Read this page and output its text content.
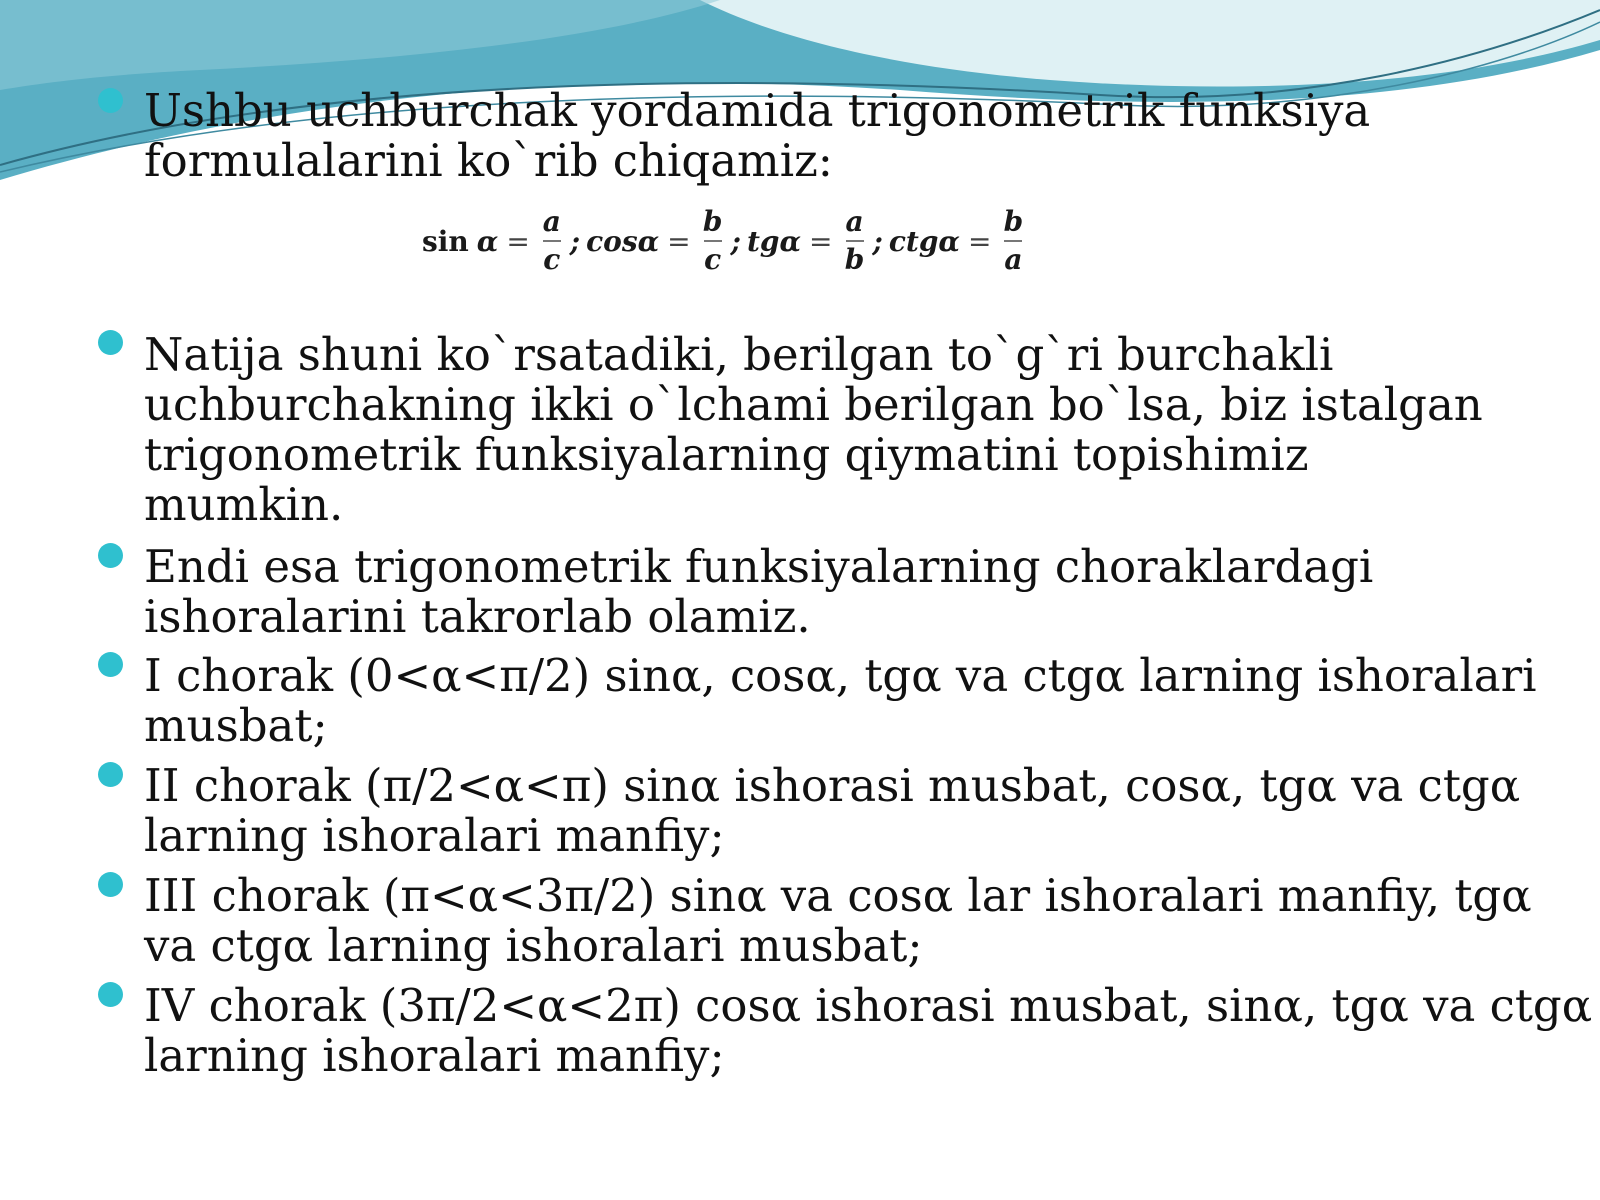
Ushbu uchburchak yordamida trigonometrik funksiya
formulalarini ko`rib chiqamiz:
$\sin \alpha = \frac{a}{c}$ ; $\cos\alpha = \frac{b}{c}$ ; $tg\alpha = \frac{a}{b}$ ; $ctg\alpha = \frac{b}{a}$
Natija shuni ko`rsatadiki, berilgan to`g`ri burchakli
uchburchakning ikki o`lchami berilgan bo`lsa, biz istalgan
trigonometrik funksiyalarning qiymatini topishimiz
mumkin.
Endi esa trigonometrik funksiyalarning choraklardagi
ishoralarini takrorlab olamiz.
I chorak (0<α<π/2) sinα, cosα, tgα va ctgα larning ishoralari
musbat;
II chorak (π/2<α<π) sinα ishorasi musbat, cosα, tgα va ctgα
larning ishoralari manfiy;
III chorak (π<α<3π/2) sinα va cosα lar ishoralari manfiy, tgα
va ctgα larning ishoralari musbat;
IV chorak (3π/2<α<2π) cosα ishorasi musbat, sinα, tgα va ctgα
larning ishoralari manfiy;
